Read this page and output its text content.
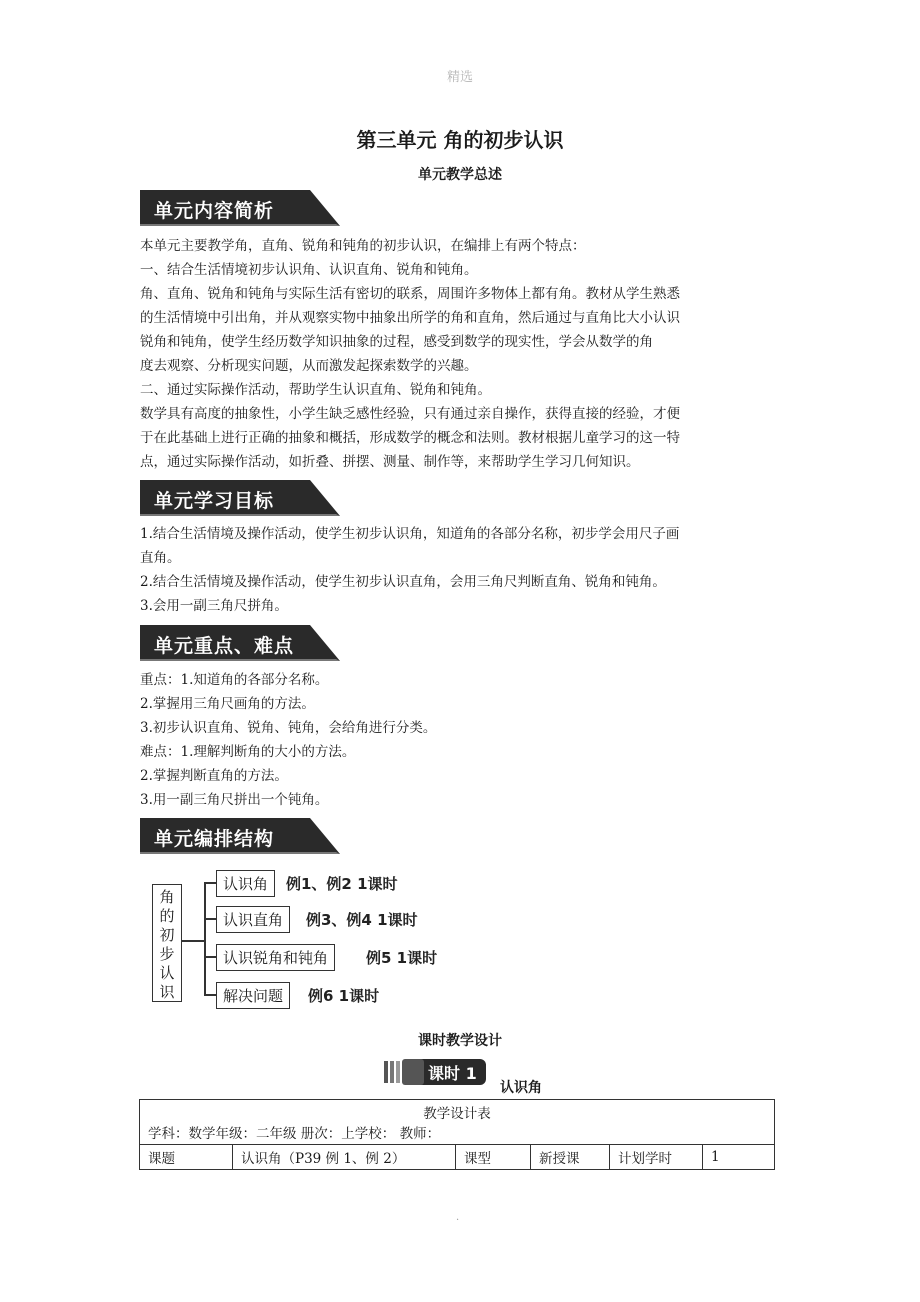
精选
第三单元 角的初步认识
单元教学总述
单元内容简析
本单元主要教学角，直角、锐角和钝角的初步认识，在编排上有两个特点：
一、结合生活情境初步认识角、认识直角、锐角和钝角。
角、直角、锐角和钝角与实际生活有密切的联系，周围许多物体上都有角。教材从学生熟悉
的生活情境中引出角，并从观察实物中抽象出所学的角和直角，然后通过与直角比大小认识
锐角和钝角，使学生经历数学知识抽象的过程，感受到数学的现实性，学会从数学的角
度去观察、分析现实问题，从而激发起探索数学的兴趣。
二、通过实际操作活动，帮助学生认识直角、锐角和钝角。
数学具有高度的抽象性，小学生缺乏感性经验，只有通过亲自操作，获得直接的经验，才便
于在此基础上进行正确的抽象和概括，形成数学的概念和法则。教材根据儿童学习的这一特
点，通过实际操作活动，如折叠、拼摆、测量、制作等，来帮助学生学习几何知识。
单元学习目标
1.结合生活情境及操作活动，使学生初步认识角，知道角的各部分名称，初步学会用尺子画
直角。
2.结合生活情境及操作活动，使学生初步认识直角，会用三角尺判断直角、锐角和钝角。
3.会用一副三角尺拼角。
单元重点、难点
重点：1.知道角的各部分名称。
2.掌握用三角尺画角的方法。
3.初步认识直角、锐角、钝角，会给角进行分类。
难点：1.理解判断角的大小的方法。
2.掌握判断直角的方法。
3.用一副三角尺拼出一个钝角。
单元编排结构
角
的
初
步
认
识
认识角	例1、例2 1课时
认识直角	例3、例4 1课时
认识锐角和钝角	例5 1课时
解决问题	例6 1课时
课时教学设计
课时 1
认识角
教学设计表
学科：数学年级：二年级 册次：上学校： 教师：

课题	认识角（P39 例 1、例 2）	课型	新授课	计划学时	1
.
